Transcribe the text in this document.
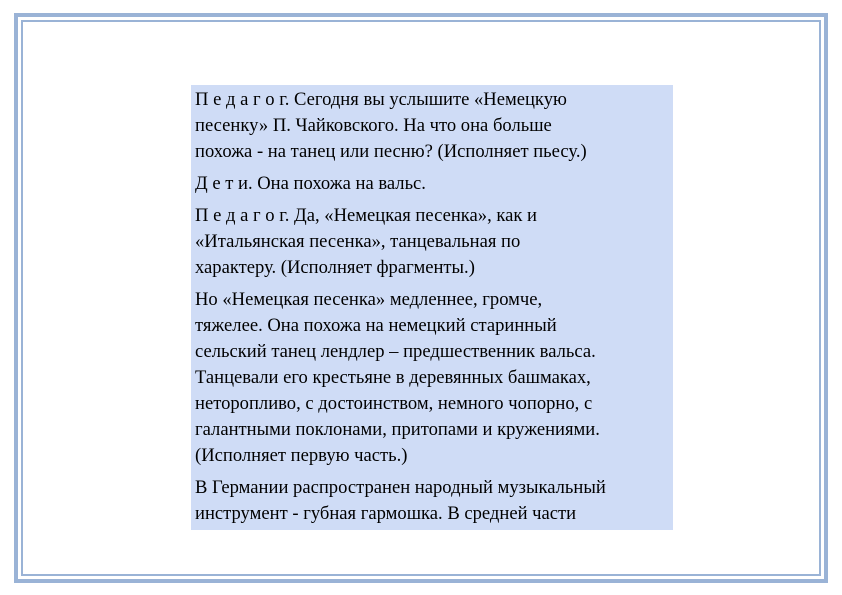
П е д а г о г. Сегодня вы услышите «Немецкую
песенку» П. Чайковского. На что она больше
похожа - на танец или песню? (Исполняет пьесу.)

Д е т и. Она похожа на вальс.

П е д а г о г. Да, «Немецкая песенка», как и
«Итальянская песенка», танцевальная по
характеру. (Исполняет фрагменты.)

Но «Немецкая песенка» медленнее, громче,
тяжелее. Она похожа на немецкий старинный
сельский танец лендлер – предшественник вальса.
Танцевали его крестьяне в деревянных башмаках,
неторопливо, с достоинством, немного чопорно, с
галантными поклонами, притопами и кружениями.
(Исполняет первую часть.)

В Германии распространен народный музыкальный
инструмент - губная гармошка. В средней части
